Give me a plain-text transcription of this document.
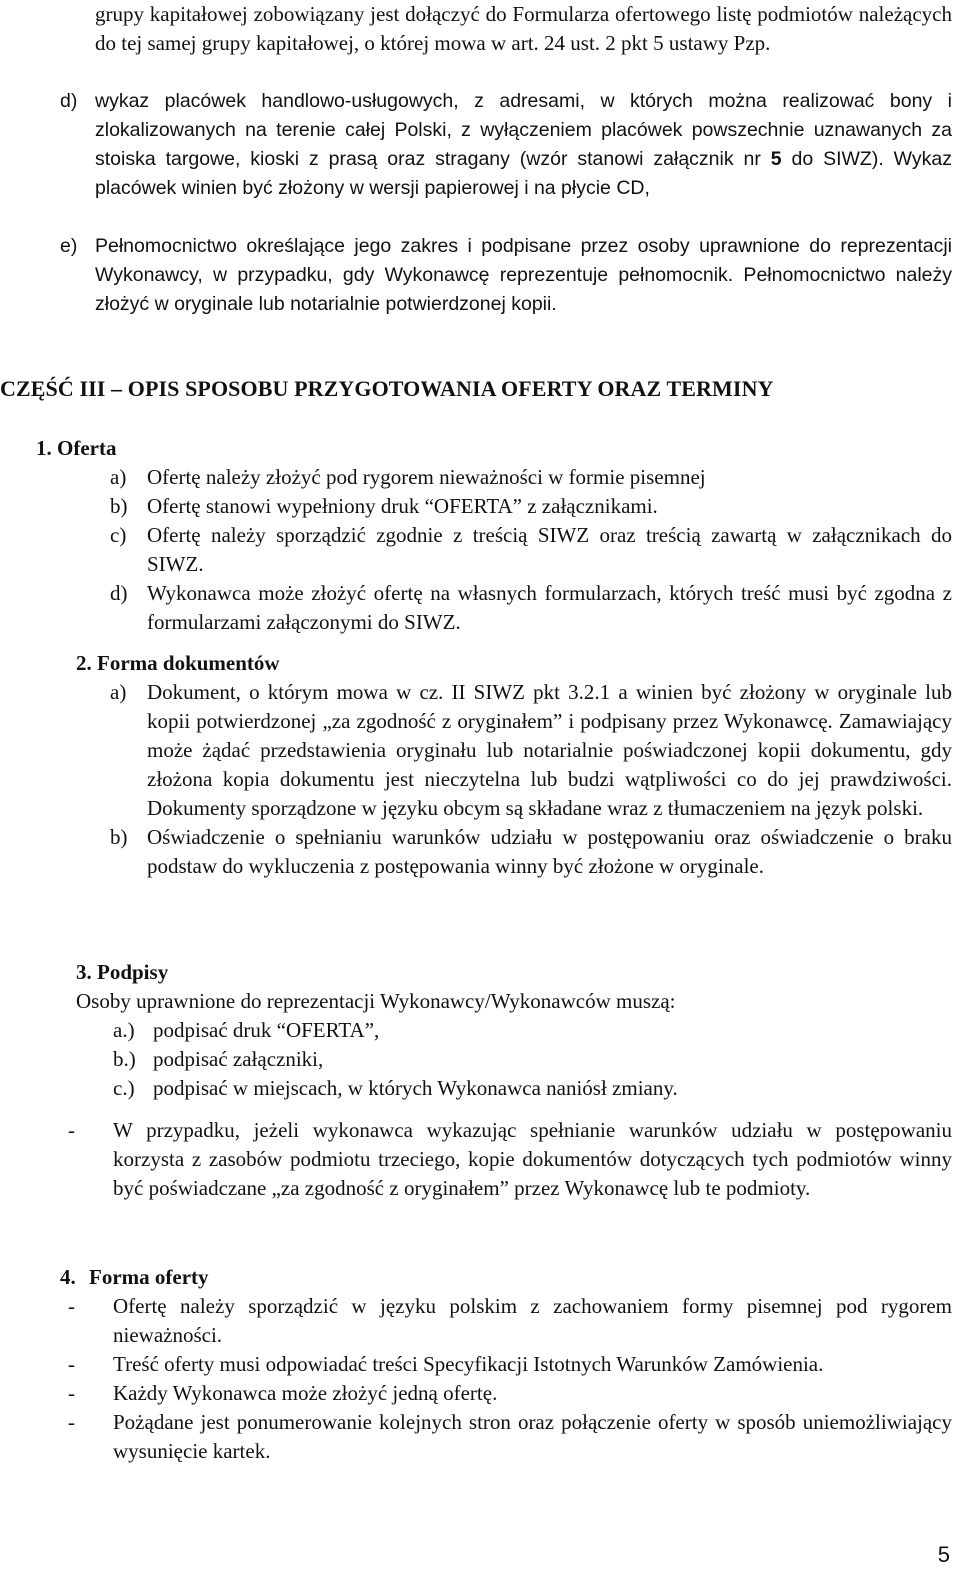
grupy kapitałowej zobowiązany jest dołączyć do Formularza ofertowego listę podmiotów należących do tej samej grupy kapitałowej, o której mowa w art. 24 ust. 2 pkt 5 ustawy Pzp.
d) wykaz placówek handlowo-usługowych, z adresami, w których można realizować bony i zlokalizowanych na terenie całej Polski, z wyłączeniem placówek powszechnie uznawanych za stoiska targowe, kioski z prasą oraz stragany (wzór stanowi załącznik nr 5 do SIWZ). Wykaz placówek winien być złożony w wersji papierowej i na płycie CD,
e) Pełnomocnictwo określające jego zakres i podpisane przez osoby uprawnione do reprezentacji Wykonawcy, w przypadku, gdy Wykonawcę reprezentuje pełnomocnik. Pełnomocnictwo należy złożyć w oryginale lub notarialnie potwierdzonej kopii.
CZĘŚĆ III – OPIS SPOSOBU PRZYGOTOWANIA OFERTY ORAZ TERMINY
1. Oferta
a) Ofertę należy złożyć pod rygorem nieważności w formie pisemnej
b) Ofertę stanowi wypełniony druk “OFERTA” z załącznikami.
c) Ofertę należy sporządzić zgodnie z treścią SIWZ oraz treścią zawartą w załącznikach do SIWZ.
d) Wykonawca może złożyć ofertę na własnych formularzach, których treść musi być zgodna z formularzami załączonymi do SIWZ.
2. Forma dokumentów
a) Dokument, o którym mowa w cz. II SIWZ pkt 3.2.1 a winien być złożony w oryginale lub kopii potwierdzonej „za zgodność z oryginałem” i podpisany przez Wykonawcę. Zamawiający może żądać przedstawienia oryginału lub notarialnie poświadczonej kopii dokumentu, gdy złożona kopia dokumentu jest nieczytelna lub budzi wątpliwości co do jej prawdziwości. Dokumenty sporządzone w języku obcym są składane wraz z tłumaczeniem na język polski.
b) Oświadczenie o spełnianiu warunków udziału w postępowaniu oraz oświadczenie o braku podstaw do wykluczenia z postępowania winny być złożone w oryginale.
3. Podpisy
Osoby uprawnione do reprezentacji Wykonawcy/Wykonawców muszą:
a.) podpisać druk “OFERTA”,
b.) podpisać załączniki,
c.) podpisać w miejscach, w których Wykonawca naniósł zmiany.
- W przypadku, jeżeli wykonawca wykazując spełnianie warunków udziału w postępowaniu korzysta z zasobów podmiotu trzeciego, kopie dokumentów dotyczących tych podmiotów winny być poświadczane „za zgodność z oryginałem” przez Wykonawcę lub te podmioty.
4. Forma oferty
- Ofertę należy sporządzić w języku polskim z zachowaniem formy pisemnej pod rygorem nieważności.
- Treść oferty musi odpowiadać treści Specyfikacji Istotnych Warunków Zamówienia.
- Każdy Wykonawca może złożyć jedną ofertę.
- Pożądane jest ponumerowanie kolejnych stron oraz połączenie oferty w sposób uniemożliwiający wysunięcie kartek.
5
